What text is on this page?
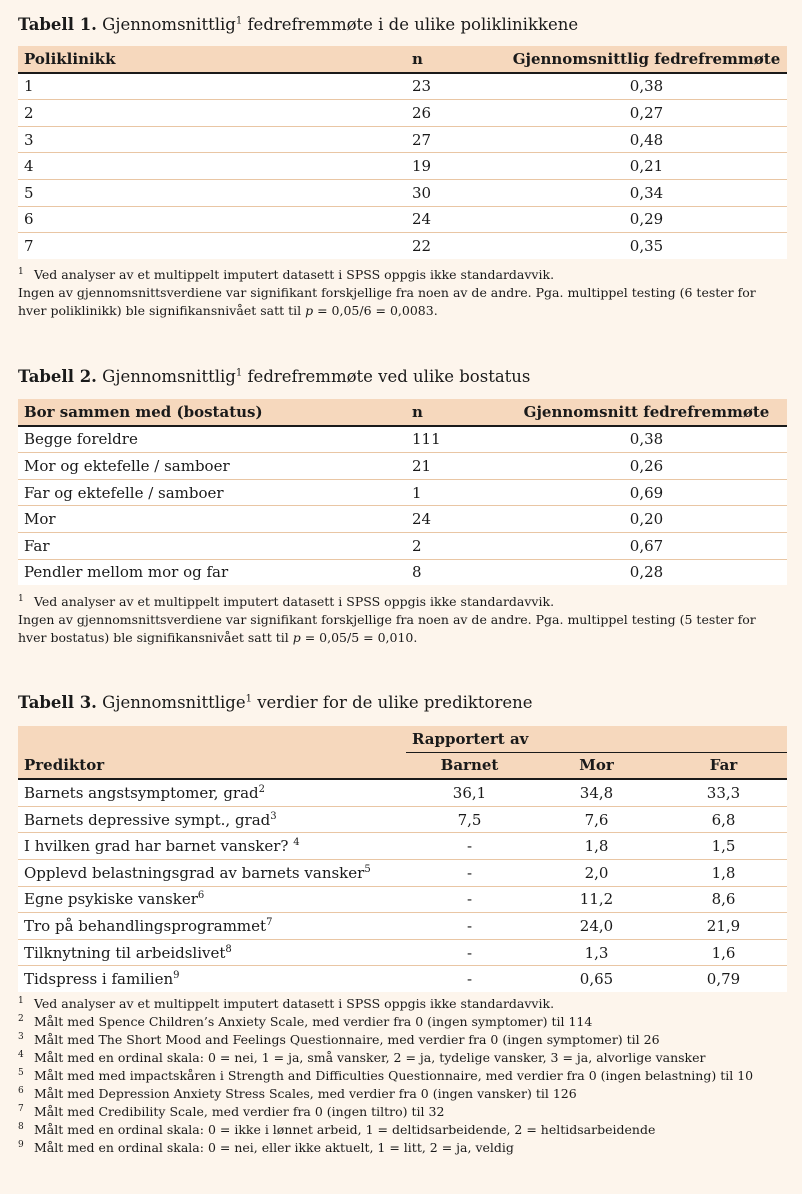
Tabell 1. Gjennomsnittlig$^1$ fedrefremmøte i de ulike poliklinikkene
Poliklinikk	n	Gjennomsnittlig fedrefremmøte
1	23	0,38
2	26	0,27
3	27	0,48
4	19	0,21
5	30	0,34
6	24	0,29
7	22	0,35
$^1$ Ved analyser av et multippelt imputert datasett i SPSS oppgis ikke standardavvik.
Ingen av gjennomsnittsverdiene var signifikant forskjellige fra noen av de andre. Pga. multippel testing (6 tester for hver poliklinikk) ble signifikansnivået satt til p = 0,05/6 = 0,0083.
Tabell 2. Gjennomsnittlig$^1$ fedrefremmøte ved ulike bostatus
Bor sammen med (bostatus)	n	Gjennomsnitt fedrefremmøte
Begge foreldre	111	0,38
Mor og ektefelle / samboer	21	0,26
Far og ektefelle / samboer	1	0,69
Mor	24	0,20
Far	2	0,67
Pendler mellom mor og far	8	0,28
$^1$ Ved analyser av et multippelt imputert datasett i SPSS oppgis ikke standardavvik.
Ingen av gjennomsnittsverdiene var signifikant forskjellige fra noen av de andre. Pga. multippel testing (5 tester for hver bostatus) ble signifikansnivået satt til p = 0,05/5 = 0,010.
Tabell 3. Gjennomsnittlige$^1$ verdier for de ulike prediktorene
	Rapportert av		
Prediktor	Barnet	Mor	Far
Barnets angstsymptomer, grad$^2$	36,1	34,8	33,3
Barnets depressive sympt., grad$^3$	7,5	7,6	6,8
I hvilken grad har barnet vansker? $^4$	-	1,8	1,5
Opplevd belastningsgrad av barnets vansker$^5$	-	2,0	1,8
Egne psykiske vansker$^6$	-	11,2	8,6
Tro på behandlingsprogrammet$^7$	-	24,0	21,9
Tilknytning til arbeidslivet$^8$	-	1,3	1,6
Tidspress i familien$^9$	-	0,65	0,79
$^1$ Ved analyser av et multippelt imputert datasett i SPSS oppgis ikke standardavvik.
$^2$ Målt med Spence Children’s Anxiety Scale, med verdier fra 0 (ingen symptomer) til 114
$^3$ Målt med The Short Mood and Feelings Questionnaire, med verdier fra 0 (ingen symptomer) til 26
$^4$ Målt med en ordinal skala: 0 = nei, 1 = ja, små vansker, 2 = ja, tydelige vansker, 3 = ja, alvorlige vansker
$^5$ Målt med med impactskåren i Strength and Difficulties Questionnaire, med verdier fra 0 (ingen belastning) til 10
$^6$ Målt med Depression Anxiety Stress Scales, med verdier fra 0 (ingen vansker) til 126
$^7$ Målt med Credibility Scale, med verdier fra 0 (ingen tiltro) til 32
$^8$ Målt med en ordinal skala: 0 = ikke i lønnet arbeid, 1 = deltidsarbeidende, 2 = heltidsarbeidende
$^9$ Målt med en ordinal skala: 0 = nei, eller ikke aktuelt, 1 = litt, 2 = ja, veldig
